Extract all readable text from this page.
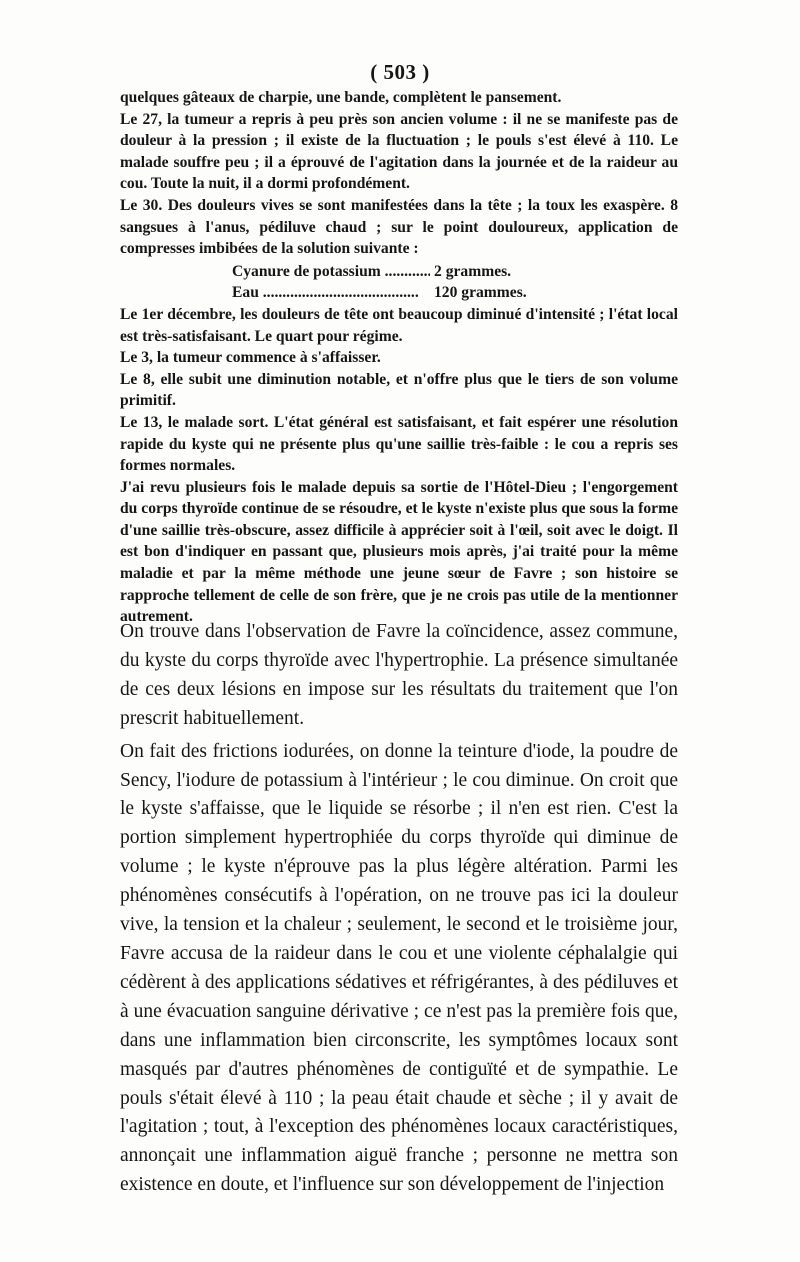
( 503 )

quelques gâteaux de charpie, une bande, complètent le pansement.

Le 27, la tumeur a repris à peu près son ancien volume : il ne se manifeste pas de douleur à la pression ; il existe de la fluctuation ; le pouls s'est élevé à 110. Le malade souffre peu ; il a éprouvé de l'agitation dans la journée et de la raideur au cou. Toute la nuit, il a dormi profondément.

Le 30. Des douleurs vives se sont manifestées dans la tête ; la toux les exaspère. 8 sangsues à l'anus, pédiluve chaud ; sur le point douloureux, application de compresses imbibées de la solution suivante :

Cyanure de potassium .....	2 grammes.
Eau .....	120 grammes.

Le 1er décembre, les douleurs de tête ont beaucoup diminué d'intensité ; l'état local est très-satisfaisant. Le quart pour régime.

Le 3, la tumeur commence à s'affaisser.

Le 8, elle subit une diminution notable, et n'offre plus que le tiers de son volume primitif.

Le 13, le malade sort. L'état général est satisfaisant, et fait espérer une résolution rapide du kyste qui ne présente plus qu'une saillie très-faible : le cou a repris ses formes normales.

J'ai revu plusieurs fois le malade depuis sa sortie de l'Hôtel-Dieu ; l'engorgement du corps thyroïde continue de se résoudre, et le kyste n'existe plus que sous la forme d'une saillie très-obscure, assez difficile à apprécier soit à l'œil, soit avec le doigt. Il est bon d'indiquer en passant que, plusieurs mois après, j'ai traité pour la même maladie et par la même méthode une jeune sœur de Favre ; son histoire se rapproche tellement de celle de son frère, que je ne crois pas utile de la mentionner autrement.

On trouve dans l'observation de Favre la coïncidence, assez commune, du kyste du corps thyroïde avec l'hypertrophie. La présence simultanée de ces deux lésions en impose sur les résultats du traitement que l'on prescrit habituellement.

On fait des frictions iodurées, on donne la teinture d'iode, la poudre de Sency, l'iodure de potassium à l'intérieur ; le cou diminue. On croit que le kyste s'affaisse, que le liquide se résorbe ; il n'en est rien. C'est la portion simplement hypertrophiée du corps thyroïde qui diminue de volume ; le kyste n'éprouve pas la plus légère altération. Parmi les phénomènes consécutifs à l'opération, on ne trouve pas ici la douleur vive, la tension et la chaleur ; seulement, le second et le troisième jour, Favre accusa de la raideur dans le cou et une violente céphalalgie qui cédèrent à des applications sédatives et réfrigérantes, à des pédiluves et à une évacuation sanguine dérivative ; ce n'est pas la première fois que, dans une inflammation bien circonscrite, les symptômes locaux sont masqués par d'autres phénomènes de contiguïté et de sympathie. Le pouls s'était élevé à 110 ; la peau était chaude et sèche ; il y avait de l'agitation ; tout, à l'exception des phénomènes locaux caractéristiques, annonçait une inflammation aiguë franche ; personne ne mettra son existence en doute, et l'influence sur son développement de l'injection
